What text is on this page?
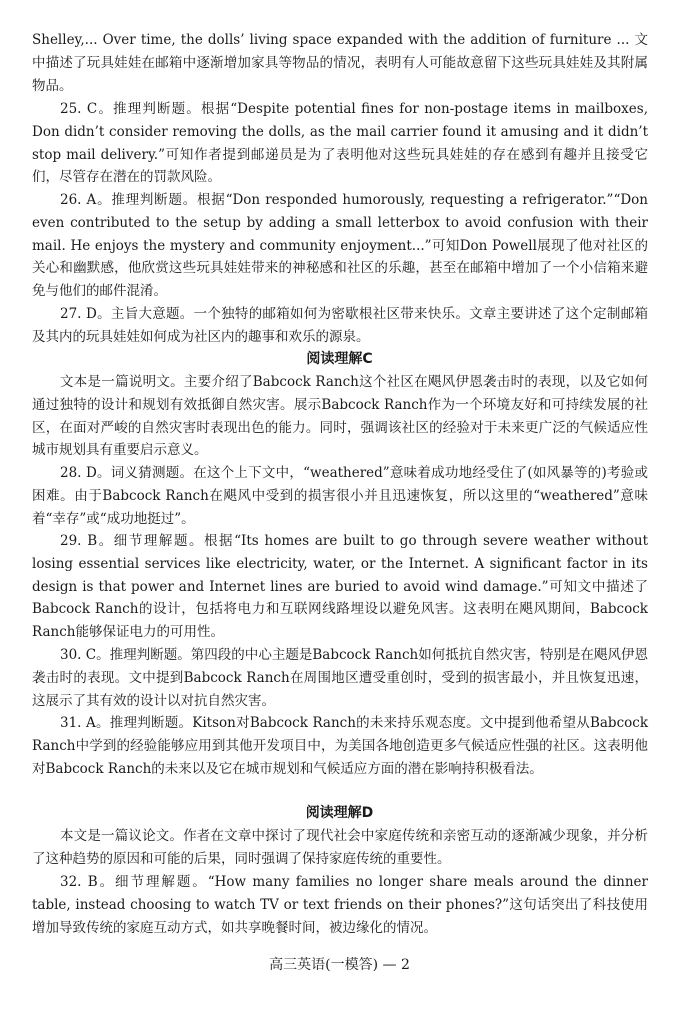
Shelley,... Over time, the dolls’ living space expanded with the addition of furniture ... 文中描述了玩具娃娃在邮箱中逐渐增加家具等物品的情况，表明有人可能故意留下这些玩具娃娃及其附属物品。

25. C。推理判断题。根据“Despite potential fines for non-postage items in mailboxes, Don didn’t consider removing the dolls, as the mail carrier found it amusing and it didn’t stop mail delivery.”可知作者提到邮递员是为了表明他对这些玩具娃娃的存在感到有趣并且接受它们，尽管存在潜在的罚款风险。

26. A。推理判断题。根据“Don responded humorously, requesting a refrigerator.”“Don even contributed to the setup by adding a small letterbox to avoid confusion with their mail. He enjoys the mystery and community enjoyment...”可知Don Powell展现了他对社区的关心和幽默感，他欣赏这些玩具娃娃带来的神秘感和社区的乐趣，甚至在邮箱中增加了一个小信箱来避免与他们的邮件混淆。

27. D。主旨大意题。一个独特的邮箱如何为密歇根社区带来快乐。文章主要讲述了这个定制邮箱及其内的玩具娃娃如何成为社区内的趣事和欢乐的源泉。

阅读理解C

文本是一篇说明文。主要介绍了Babcock Ranch这个社区在飓风伊恩袭击时的表现，以及它如何通过独特的设计和规划有效抵御自然灾害。展示Babcock Ranch作为一个环境友好和可持续发展的社区，在面对严峻的自然灾害时表现出色的能力。同时，强调该社区的经验对于未来更广泛的气候适应性城市规划具有重要启示意义。

28. D。词义猜测题。在这个上下文中，“weathered”意味着成功地经受住了(如风暴等的)考验或困难。由于Babcock Ranch在飓风中受到的损害很小并且迅速恢复，所以这里的“weathered”意味着“幸存”或“成功地挺过”。

29. B。细节理解题。根据“Its homes are built to go through severe weather without losing essential services like electricity, water, or the Internet. A significant factor in its design is that power and Internet lines are buried to avoid wind damage.”可知文中描述了Babcock Ranch的设计，包括将电力和互联网线路埋设以避免风害。这表明在飓风期间，Babcock Ranch能够保证电力的可用性。

30. C。推理判断题。第四段的中心主题是Babcock Ranch如何抵抗自然灾害，特别是在飓风伊恩袭击时的表现。文中提到Babcock Ranch在周围地区遭受重创时，受到的损害最小，并且恢复迅速，这展示了其有效的设计以对抗自然灾害。

31. A。推理判断题。Kitson对Babcock Ranch的未来持乐观态度。文中提到他希望从Babcock Ranch中学到的经验能够应用到其他开发项目中，为美国各地创造更多气候适应性强的社区。这表明他对Babcock Ranch的未来以及它在城市规划和气候适应方面的潜在影响持积极看法。

阅读理解D

本文是一篇议论文。作者在文章中探讨了现代社会中家庭传统和亲密互动的逐渐减少现象，并分析了这种趋势的原因和可能的后果，同时强调了保持家庭传统的重要性。

32. B。细节理解题。“How many families no longer share meals around the dinner table, instead choosing to watch TV or text friends on their phones?”这句话突出了科技使用增加导致传统的家庭互动方式，如共享晚餐时间，被边缘化的情况。

高三英语(一模答) — 2
